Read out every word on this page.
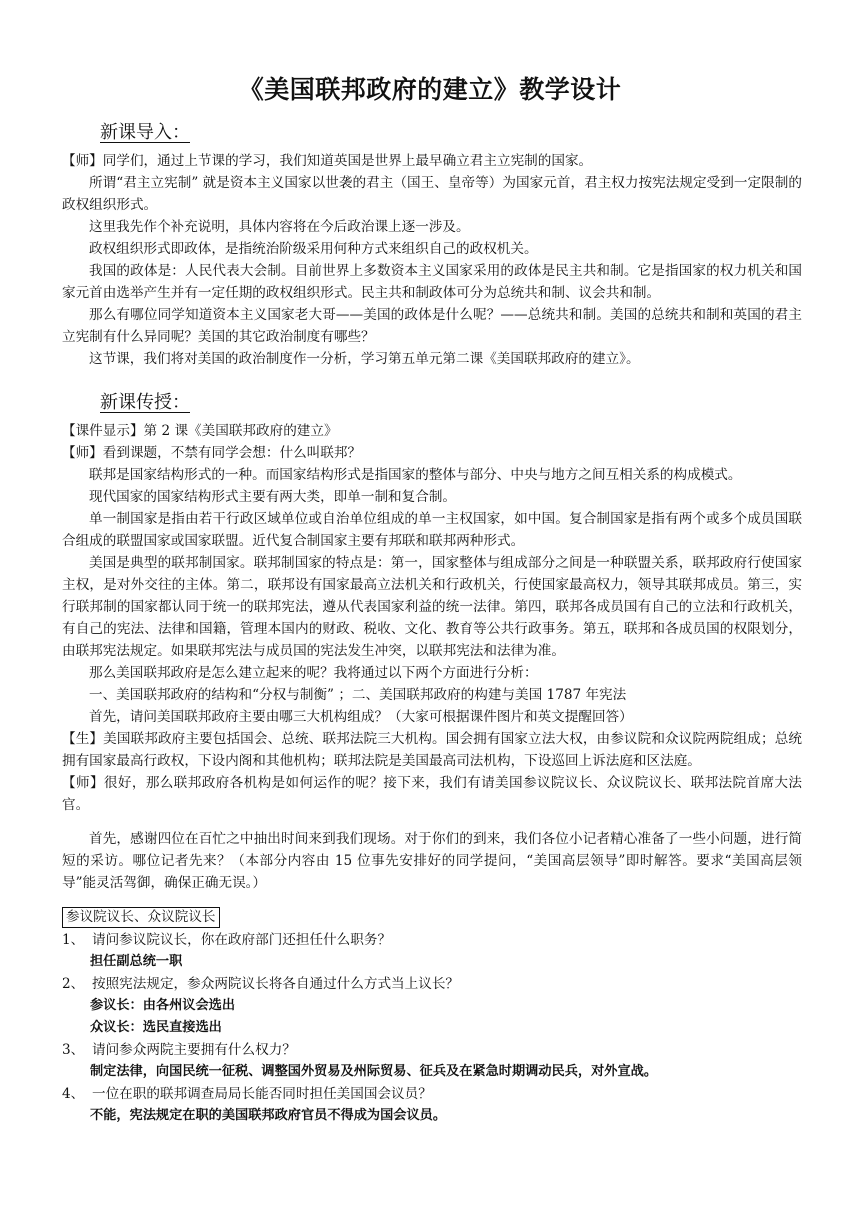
《美国联邦政府的建立》教学设计
新课导入：

【师】同学们，通过上节课的学习，我们知道英国是世界上最早确立君主立宪制的国家。

所谓“君主立宪制” 就是资本主义国家以世袭的君主（国王、皇帝等）为国家元首，君主权力按宪法规定受到一定限制的政权组织形式。

这里我先作个补充说明，具体内容将在今后政治课上逐一涉及。

政权组织形式即政体，是指统治阶级采用何种方式来组织自己的政权机关。

我国的政体是：人民代表大会制。目前世界上多数资本主义国家采用的政体是民主共和制。它是指国家的权力机关和国家元首由选举产生并有一定任期的政权组织形式。民主共和制政体可分为总统共和制、议会共和制。

那么有哪位同学知道资本主义国家老大哥——美国的政体是什么呢？——总统共和制。美国的总统共和制和英国的君主立宪制有什么异同呢？美国的其它政治制度有哪些？

这节课，我们将对美国的政治制度作一分析，学习第五单元第二课《美国联邦政府的建立》。

新课传授：

【课件显示】第 2 课《美国联邦政府的建立》

【师】看到课题，不禁有同学会想：什么叫联邦？

联邦是国家结构形式的一种。而国家结构形式是指国家的整体与部分、中央与地方之间互相关系的构成模式。

现代国家的国家结构形式主要有两大类，即单一制和复合制。

单一制国家是指由若干行政区域单位或自治单位组成的单一主权国家，如中国。复合制国家是指有两个或多个成员国联合组成的联盟国家或国家联盟。近代复合制国家主要有邦联和联邦两种形式。

美国是典型的联邦制国家。联邦制国家的特点是：第一，国家整体与组成部分之间是一种联盟关系，联邦政府行使国家主权，是对外交往的主体。第二，联邦设有国家最高立法机关和行政机关，行使国家最高权力，领导其联邦成员。第三，实行联邦制的国家都认同于统一的联邦宪法，遵从代表国家利益的统一法律。第四，联邦各成员国有自己的立法和行政机关，有自己的宪法、法律和国籍，管理本国内的财政、税收、文化、教育等公共行政事务。第五，联邦和各成员国的权限划分，由联邦宪法规定。如果联邦宪法与成员国的宪法发生冲突，以联邦宪法和法律为准。

那么美国联邦政府是怎么建立起来的呢？我将通过以下两个方面进行分析：

一、美国联邦政府的结构和“分权与制衡” ；二、美国联邦政府的构建与美国 1787 年宪法

首先，请问美国联邦政府主要由哪三大机构组成？（大家可根据课件图片和英文提醒回答）

【生】美国联邦政府主要包括国会、总统、联邦法院三大机构。国会拥有国家立法大权，由参议院和众议院两院组成；总统拥有国家最高行政权，下设内阁和其他机构；联邦法院是美国最高司法机构，下设巡回上诉法庭和区法庭。

【师】很好，那么联邦政府各机构是如何运作的呢？接下来，我们有请美国参议院议长、众议院议长、联邦法院首席大法官。

首先，感谢四位在百忙之中抽出时间来到我们现场。对于你们的到来，我们各位小记者精心准备了一些小问题，进行简短的采访。哪位记者先来？（本部分内容由 15 位事先安排好的同学提问，“美国高层领导”即时解答。要求“美国高层领导”能灵活驾御，确保正确无误。）

参议院议长、众议院议长
1、 请问参议院议长，你在政府部门还担任什么职务？
担任副总统一职
2、 按照宪法规定，参众两院议长将各自通过什么方式当上议长？
参议长：由各州议会选出
众议长：选民直接选出
3、 请问参众两院主要拥有什么权力？
制定法律，向国民统一征税、调整国外贸易及州际贸易、征兵及在紧急时期调动民兵，对外宣战。
4、 一位在职的联邦调查局局长能否同时担任美国国会议员？
不能，宪法规定在职的美国联邦政府官员不得成为国会议员。
